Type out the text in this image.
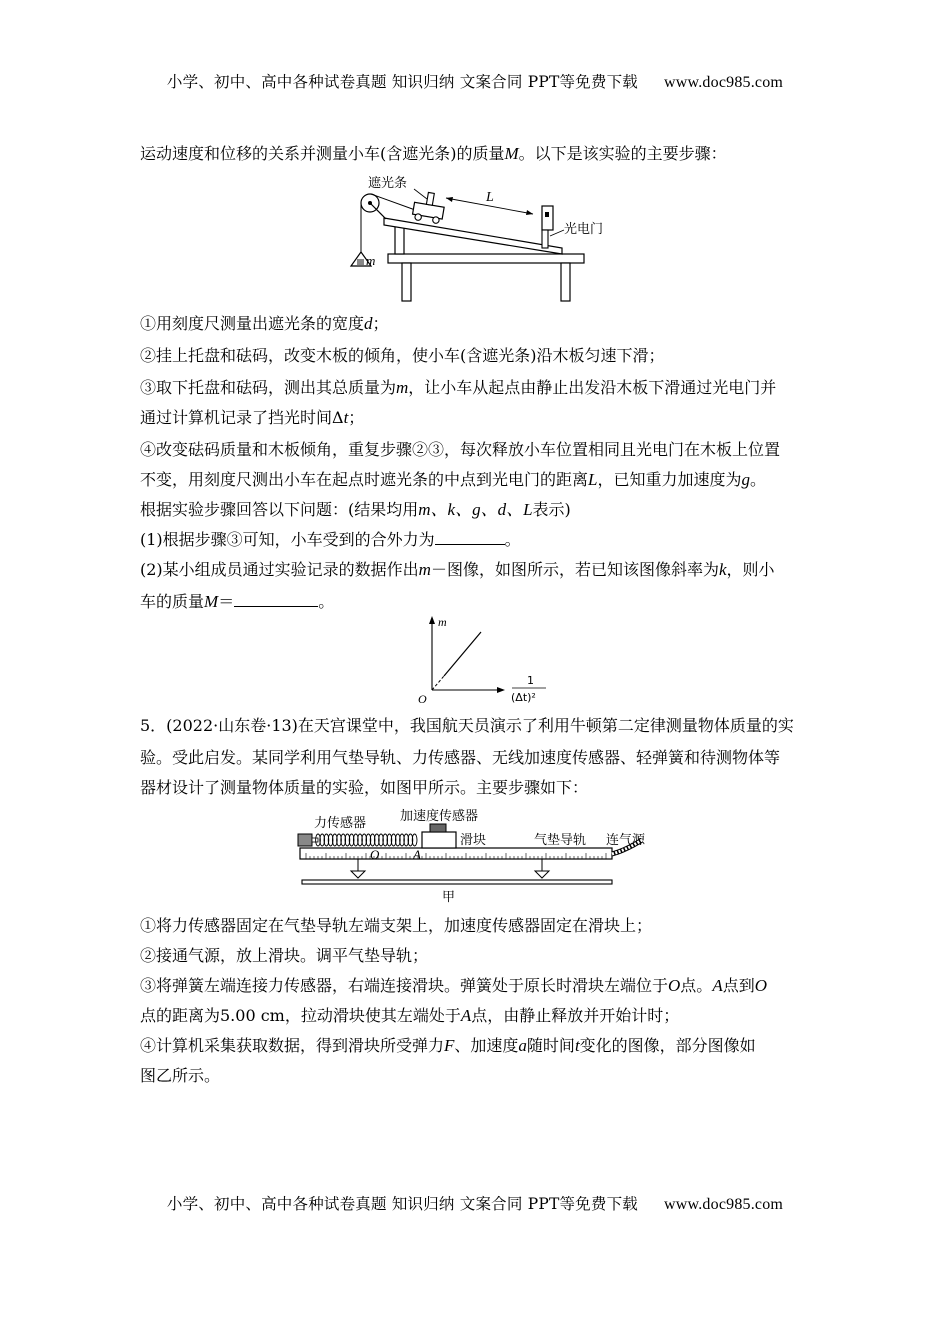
小学、初中、高中各种试卷真题 知识归纳 文案合同 PPT等免费下载 www.doc985.com
运动速度和位移的关系并测量小车(含遮光条)的质量M。以下是该实验的主要步骤：
m
遮光条
L
光电门
①用刻度尺测量出遮光条的宽度d；
②挂上托盘和砝码，改变木板的倾角，使小车(含遮光条)沿木板匀速下滑；
③取下托盘和砝码，测出其总质量为m，让小车从起点由静止出发沿木板下滑通过光电门并
通过计算机记录了挡光时间Δt；
④改变砝码质量和木板倾角，重复步骤②③，每次释放小车位置相同且光电门在木板上位置
不变，用刻度尺测出小车在起点时遮光条的中点到光电门的距离L，已知重力加速度为g。
根据实验步骤回答以下问题：(结果均用m、k、g、d、L表示)
(1)根据步骤③可知，小车受到的合外力为	。
(2)某小组成员通过实验记录的数据作出m－图像，如图所示，若已知该图像斜率为k，则小
车的质量M＝	。
m
O
1
(Δt)²
5．(2022·山东卷·13)在天宫课堂中，我国航天员演示了利用牛顿第二定律测量物体质量的实
验。受此启发。某同学利用气垫导轨、力传感器、无线加速度传感器、轻弹簧和待测物体等
器材设计了测量物体质量的实验，如图甲所示。主要步骤如下：
力传感器	加速度传感器
滑块
O	A
气垫导轨 连气源
甲
①将力传感器固定在气垫导轨左端支架上，加速度传感器固定在滑块上；
②接通气源，放上滑块。调平气垫导轨；
③将弹簧左端连接力传感器，右端连接滑块。弹簧处于原长时滑块左端位于O点。A点到O
点的距离为5.00 cm，拉动滑块使其左端处于A点，由静止释放并开始计时；
④计算机采集获取数据，得到滑块所受弹力F、加速度a随时间t变化的图像，部分图像如
图乙所示。
小学、初中、高中各种试卷真题 知识归纳 文案合同 PPT等免费下载 www.doc985.com
